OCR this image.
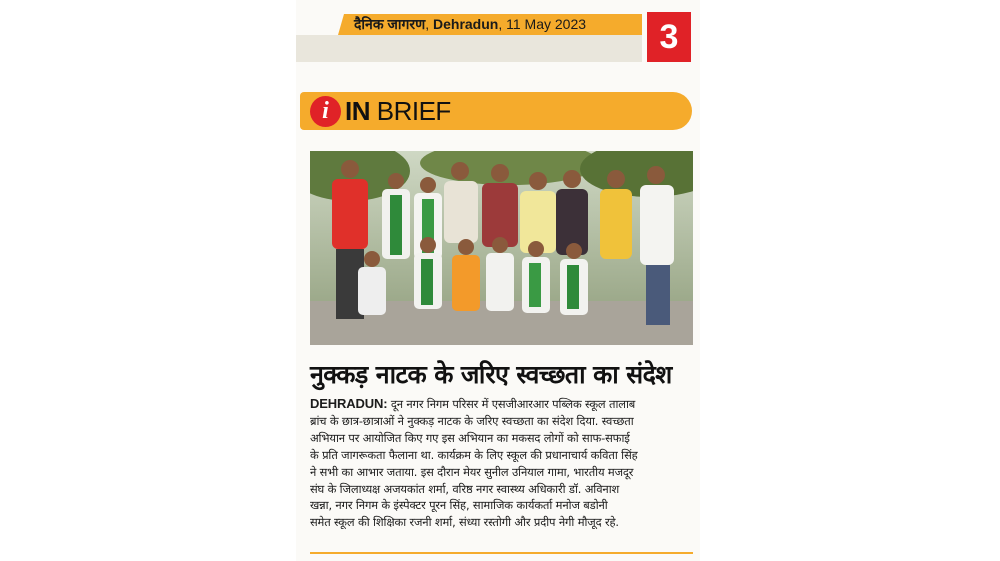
दैनिक जागरण, Dehradun, 11 May 2023	3
i IN BRIEF
नुक्कड़ नाटक के जरिए स्वच्छता का संदेश
DEHRADUN: दून नगर निगम परिसर में एसजीआरआर पब्लिक स्कूल तालाब
ब्रांच के छात्र-छात्राओं ने नुक्कड़ नाटक के जरिए स्वच्छता का संदेश दिया. स्वच्छता
अभियान पर आयोजित किए गए इस अभियान का मकसद लोगों को साफ-सफाई
के प्रति जागरूकता फैलाना था. कार्यक्रम के लिए स्कूल की प्रधानाचार्य कविता सिंह
ने सभी का आभार जताया. इस दौरान मेयर सुनील उनियाल गामा, भारतीय मजदूर
संघ के जिलाध्यक्ष अजयकांत शर्मा, वरिष्ठ नगर स्वास्थ्य अधिकारी डॉ. अविनाश
खन्ना, नगर निगम के इंस्पेक्टर पूरन सिंह, सामाजिक कार्यकर्ता मनोज बडोनी
समेत स्कूल की शिक्षिका रजनी शर्मा, संध्या रस्तोगी और प्रदीप नेगी मौजूद रहे.
